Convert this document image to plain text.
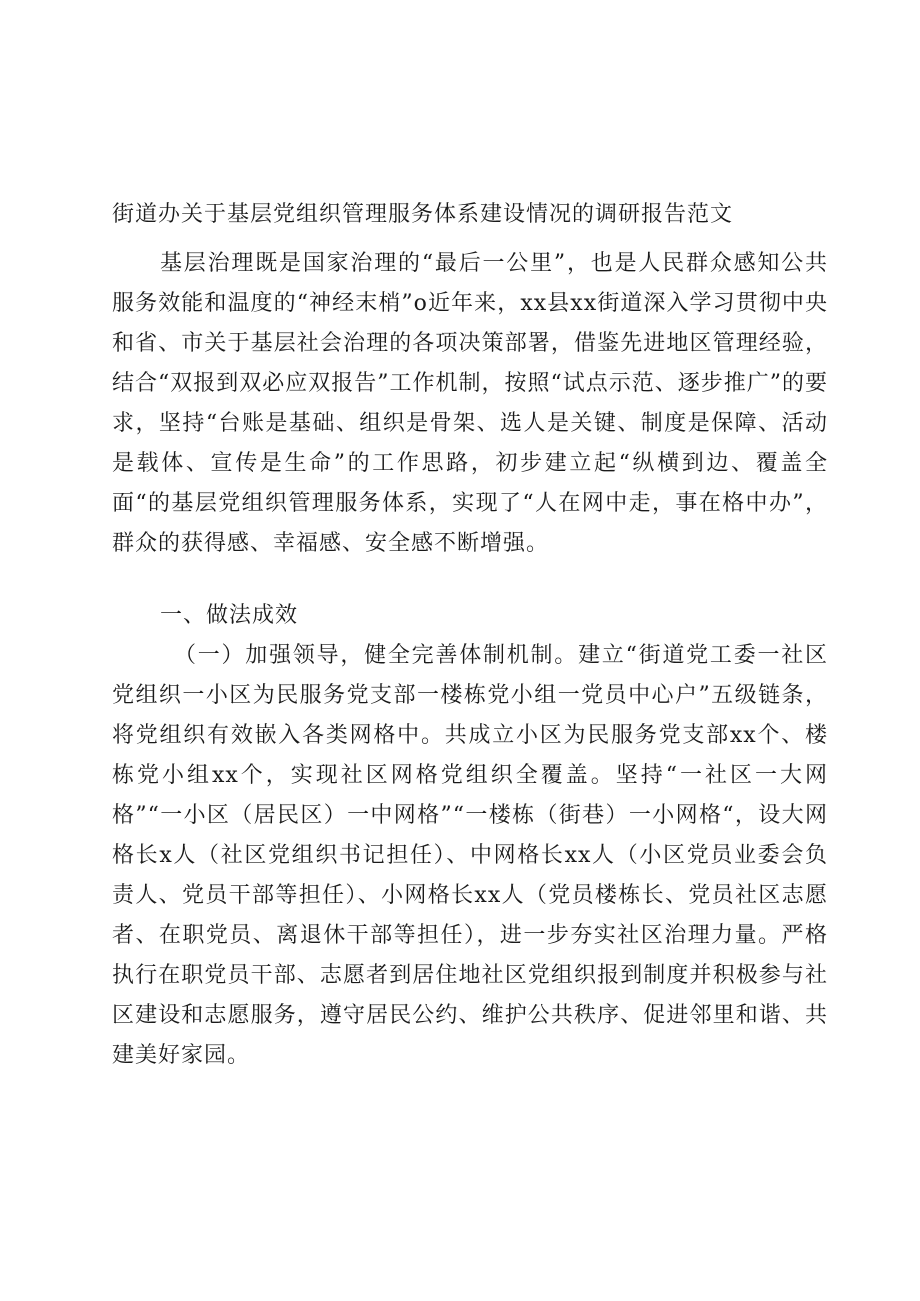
街道办关于基层党组织管理服务体系建设情况的调研报告范文

基层治理既是国家治理的“最后一公里”，也是人民群众感知公共服务效能和温度的“神经末梢”o近年来，xx县xx街道深入学习贯彻中央和省、市关于基层社会治理的各项决策部署，借鉴先进地区管理经验，结合“双报到双必应双报告”工作机制，按照“试点示范、逐步推广”的要求，坚持“台账是基础、组织是骨架、选人是关键、制度是保障、活动是载体、宣传是生命”的工作思路，初步建立起“纵横到边、覆盖全面“的基层党组织管理服务体系，实现了“人在网中走，事在格中办”，群众的获得感、幸福感、安全感不断增强。

一、做法成效

（一）加强领导，健全完善体制机制。建立“街道党工委一社区党组织一小区为民服务党支部一楼栋党小组一党员中心户”五级链条，将党组织有效嵌入各类网格中。共成立小区为民服务党支部xx个、楼栋党小组xx个，实现社区网格党组织全覆盖。坚持“一社区一大网格”“一小区（居民区）一中网格”“一楼栋（街巷）一小网格“，设大网格长x人（社区党组织书记担任）、中网格长xx人（小区党员业委会负责人、党员干部等担任）、小网格长xx人（党员楼栋长、党员社区志愿者、在职党员、离退休干部等担任），进一步夯实社区治理力量。严格执行在职党员干部、志愿者到居住地社区党组织报到制度并积极参与社区建设和志愿服务，遵守居民公约、维护公共秩序、促进邻里和谐、共建美好家园。
